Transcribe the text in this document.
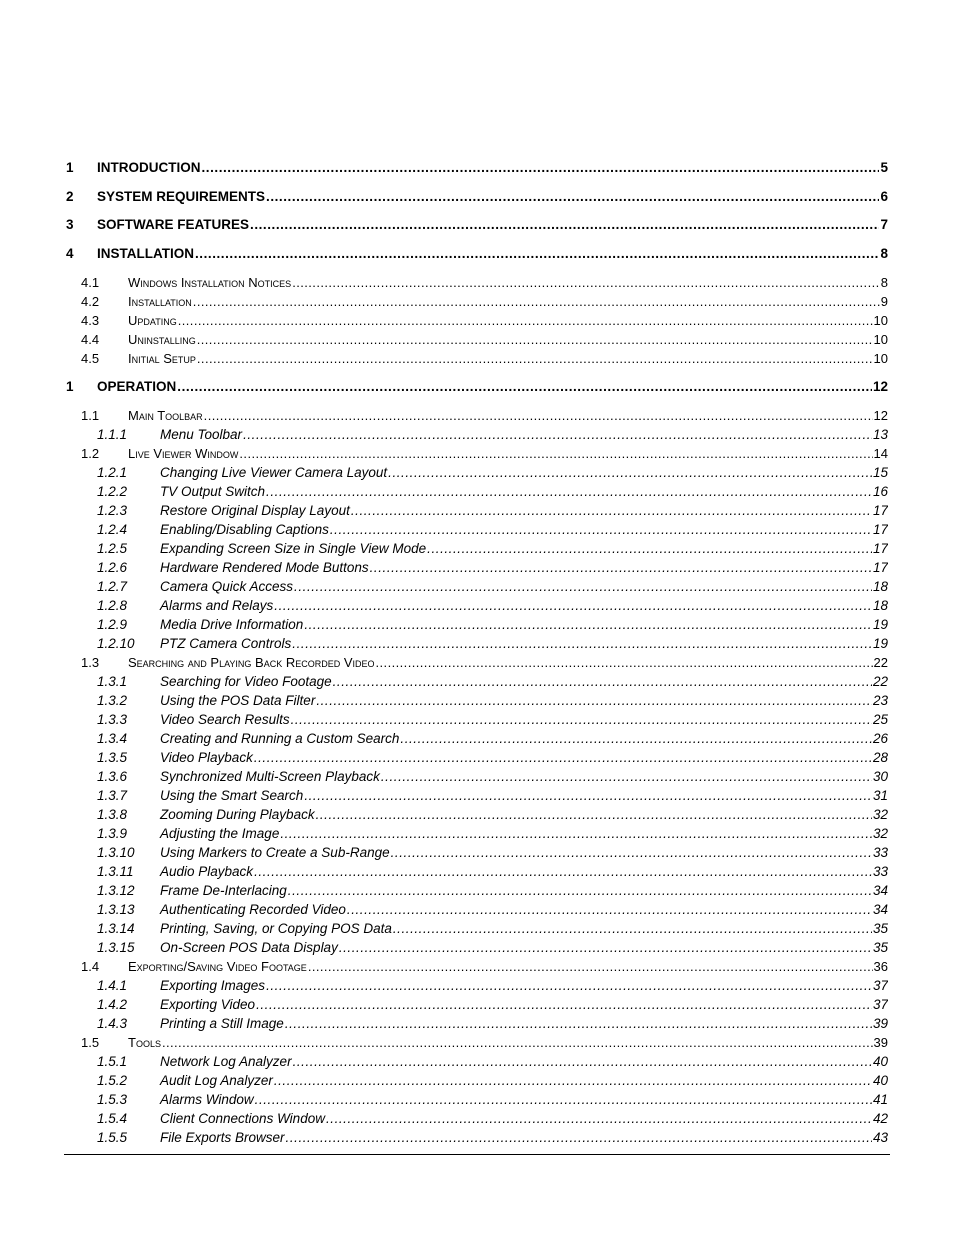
1	INTRODUCTION . . .	5
2	SYSTEM REQUIREMENTS . . .	6
3	SOFTWARE FEATURES . . .	7
4	INSTALLATION . . .	8
4.1	Windows Installation Notices . . .	8
4.2	Installation . . .	9
4.3	Updating . . .	10
4.4	Uninstalling . . .	10
4.5	Initial Setup . . .	10
1	OPERATION . . .	12
1.1	Main Toolbar . . .	12
1.1.1	Menu Toolbar . . .	13
1.2	Live Viewer Window . . .	14
1.2.1	Changing Live Viewer Camera Layout . . .	15
1.2.2	TV Output Switch . . .	16
1.2.3	Restore Original Display Layout . . .	17
1.2.4	Enabling/Disabling Captions . . .	17
1.2.5	Expanding Screen Size in Single View Mode . . .	17
1.2.6	Hardware Rendered Mode Buttons . . .	17
1.2.7	Camera Quick Access . . .	18
1.2.8	Alarms and Relays . . .	18
1.2.9	Media Drive Information . . .	19
1.2.10	PTZ Camera Controls . . .	19
1.3	Searching and Playing Back Recorded Video . . .	22
1.3.1	Searching for Video Footage . . .	22
1.3.2	Using the POS Data Filter . . .	23
1.3.3	Video Search Results . . .	25
1.3.4	Creating and Running a Custom Search . . .	26
1.3.5	Video Playback . . .	28
1.3.6	Synchronized Multi-Screen Playback . . .	30
1.3.7	Using the Smart Search . . .	31
1.3.8	Zooming During Playback . . .	32
1.3.9	Adjusting the Image . . .	32
1.3.10	Using Markers to Create a Sub-Range . . .	33
1.3.11	Audio Playback . . .	33
1.3.12	Frame De-Interlacing . . .	34
1.3.13	Authenticating Recorded Video . . .	34
1.3.14	Printing, Saving, or Copying POS Data . . .	35
1.3.15	On-Screen POS Data Display . . .	35
1.4	Exporting/Saving Video Footage . . .	36
1.4.1	Exporting Images . . .	37
1.4.2	Exporting Video . . .	37
1.4.3	Printing a Still Image . . .	39
1.5	Tools . . .	39
1.5.1	Network Log Analyzer . . .	40
1.5.2	Audit Log Analyzer . . .	40
1.5.3	Alarms Window . . .	41
1.5.4	Client Connections Window . . .	42
1.5.5	File Exports Browser . . .	43
